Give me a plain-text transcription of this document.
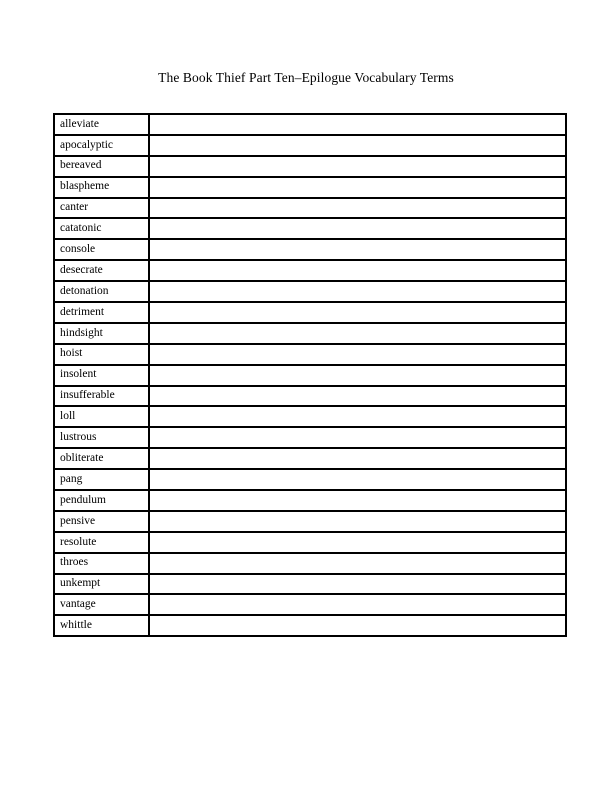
The Book Thief Part Ten–Epilogue Vocabulary Terms
alleviate	
apocalyptic	
bereaved	
blaspheme	
canter	
catatonic	
console	
desecrate	
detonation	
detriment	
hindsight	
hoist	
insolent	
insufferable	
loll	
lustrous	
obliterate	
pang	
pendulum	
pensive	
resolute	
throes	
unkempt	
vantage	
whittle	
